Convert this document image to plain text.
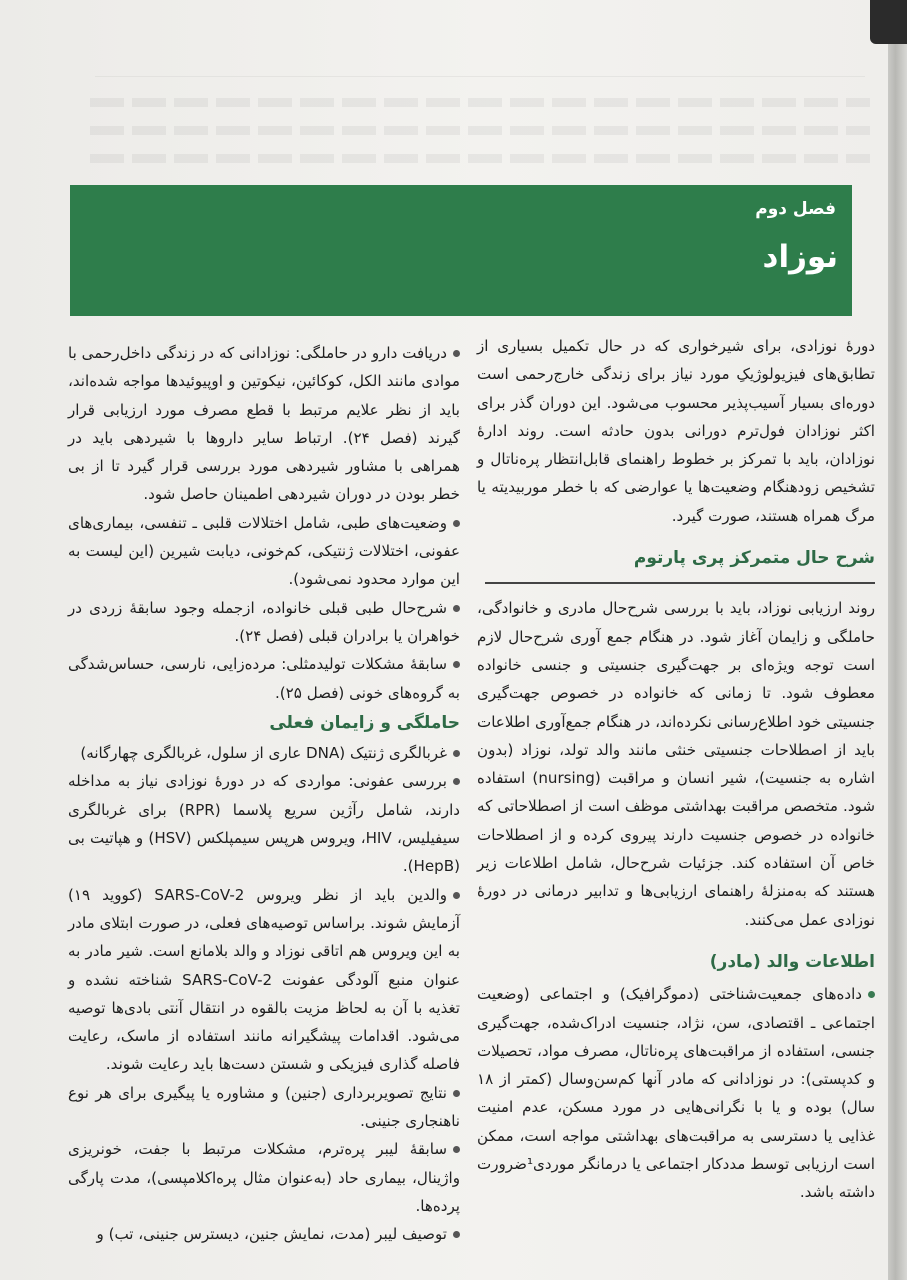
فصل دوم
نوزاد

دورهٔ نوزادی، برای شیرخواری که در حال تکمیل بسیاری از تطابق‌های فیزیولوژیکِ مورد نیاز برای زندگی خارج‌رحمی است دوره‌ای بسیار آسیب‌پذیر محسوب می‌شود. این دوران گذر برای اکثر نوزادان فول‌ترم دورانی بدون حادثه است. روند ادارهٔ نوزادان، باید با تمرکز بر خطوط راهنمای قابل‌انتظار پره‌ناتال و تشخیص زودهنگام وضعیت‌ها یا عوارضی که با خطر موربیدیته یا مرگ همراه هستند، صورت گیرد.

شرح حال متمرکز پری پارتوم

روند ارزیابی نوزاد، باید با بررسی شرح‌حال مادری و خانوادگی، حاملگی و زایمان آغاز شود. در هنگام جمع آوری شرح‌حال لازم است توجه ویژه‌ای بر جهت‌گیری جنسیتی و جنسی خانواده معطوف شود. تا زمانی که خانواده در خصوص جهت‌گیری جنسیتی خود اطلاع‌رسانی نکرده‌اند، در هنگام جمع‌آوری اطلاعات باید از اصطلاحات جنسیتی خنثی مانند والد تولد، نوزاد (بدون اشاره به جنسیت)، شیر انسان و مراقبت (nursing) استفاده شود. متخصص مراقبت بهداشتی موظف است از اصطلاحاتی که خانواده در خصوص جنسیت دارند پیروی کرده و از اصطلاحات خاص آن استفاده کند. جزئیات شرح‌حال، شامل اطلاعات زیر هستند که به‌منزلهٔ راهنمای ارزیابی‌ها و تدابیر درمانی در دورهٔ نوزادی عمل می‌کنند.

اطلاعات والد (مادر)

داده‌های جمعیت‌شناختی (دموگرافیک) و اجتماعی (وضعیت اجتماعی ـ اقتصادی، سن، نژاد، جنسیت ادراک‌شده، جهت‌گیری جنسی، استفاده از مراقبت‌های پره‌ناتال، مصرف مواد، تحصیلات و کدپستی): در نوزادانی که مادر آنها کم‌سن‌وسال (کمتر از ۱۸ سال) بوده و یا با نگرانی‌هایی در مورد مسکن، عدم امنیت غذایی یا دسترسی به مراقبت‌های بهداشتی مواجه است، ممکن است ارزیابی توسط مددکار اجتماعی یا درمانگر موردی¹ضرورت داشته باشد.

دریافت دارو در حاملگی: نوزادانی که در زندگی داخل‌رحمی با موادی مانند الکل، کوکائین، نیکوتین و اوپیوئیدها مواجه شده‌اند، باید از نظر علایم مرتبط با قطع مصرف مورد ارزیابی قرار گیرند (فصل ۲۴). ارتباط سایر داروها با شیردهی باید در همراهی با مشاور شیردهی مورد بررسی قرار گیرد تا از بی خطر بودن در دوران شیردهی اطمینان حاصل شود.

وضعیت‌های طبی، شامل اختلالات قلبی ـ تنفسی، بیماری‌های عفونی، اختلالات ژنتیکی، کم‌خونی، دیابت شیرین (این لیست به این موارد محدود نمی‌شود).

شرح‌حال طبی قبلی خانواده، ازجمله وجود سابقهٔ زردی در خواهران یا برادران قبلی (فصل ۲۴).

سابقهٔ مشکلات تولیدمثلی: مرده‌زایی، نارسی، حساس‌شدگی به گروه‌های خونی (فصل ۲۵).

حاملگی و زایمان فعلی

غربالگری ژنتیک (DNA عاری از سلول، غربالگری چهارگانه)

بررسی عفونی: مواردی که در دورهٔ نوزادی نیاز به مداخله دارند، شامل رآژین سریع پلاسما (RPR) برای غربالگری سیفیلیس، HIV، ویروس هرپس سیمپلکس (HSV) و هپاتیت بی (HepB).

والدین باید از نظر ویروس SARS-CoV-2 (کووید ۱۹) آزمایش شوند. براساس توصیه‌های فعلی، در صورت ابتلای مادر به این ویروس هم اتاقی نوزاد و والد بلامانع است. شیر مادر به عنوان منبع آلودگی عفونت SARS-CoV-2 شناخته نشده و تغذیه با آن به لحاظ مزیت بالقوه در انتقال آنتی بادی‌ها توصیه می‌شود. اقدامات پیشگیرانه مانند استفاده از ماسک، رعایت فاصله گذاری فیزیکی و شستن دست‌ها باید رعایت شوند.

نتایج تصویربرداری (جنین) و مشاوره یا پیگیری برای هر نوع ناهنجاری جنینی.

سابقهٔ لیبر پره‌ترم، مشکلات مرتبط با جفت، خونریزی واژینال، بیماری حاد (به‌عنوان مثال پره‌اکلامپسی)، مدت پارگی پرده‌ها.

توصیف لیبر (مدت، نمایش جنین، دیسترس جنینی، تب) و
